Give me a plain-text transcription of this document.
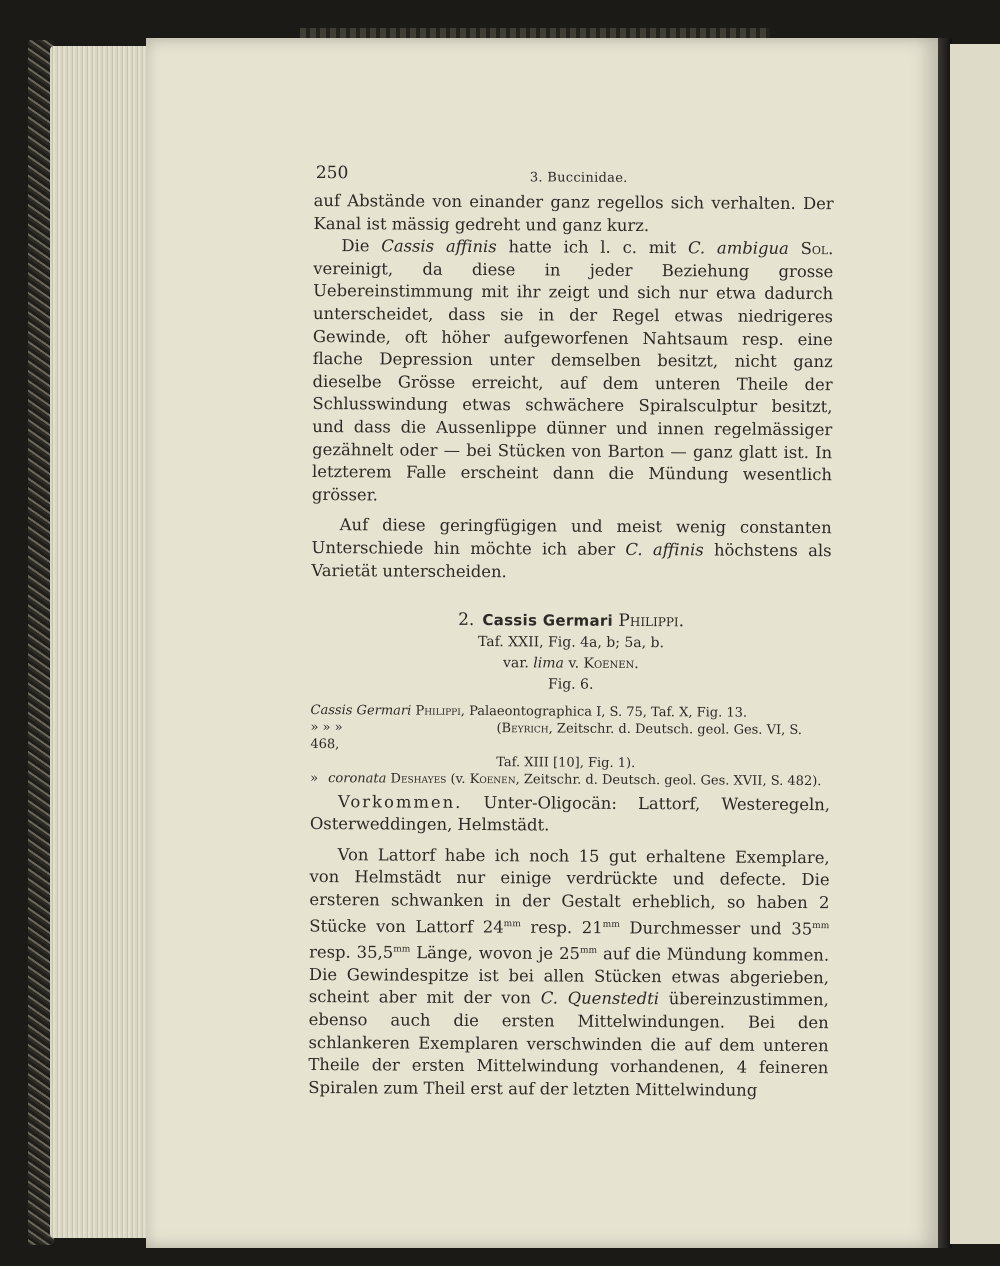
250	3. Buccinidae.

auf Abstände von einander ganz regellos sich verhalten. Der Kanal ist mässig gedreht und ganz kurz.

Die Cassis affinis hatte ich l. c. mit C. ambigua Sol. vereinigt, da diese in jeder Beziehung grosse Uebereinstimmung mit ihr zeigt und sich nur etwa dadurch unterscheidet, dass sie in der Regel etwas niedrigeres Gewinde, oft höher aufgeworfenen Nahtsaum resp. eine flache Depression unter demselben besitzt, nicht ganz dieselbe Grösse erreicht, auf dem unteren Theile der Schlusswindung etwas schwächere Spiralsculptur besitzt, und dass die Aussenlippe dünner und innen regelmässiger gezähnelt oder — bei Stücken von Barton — ganz glatt ist. In letzterem Falle erscheint dann die Mündung wesentlich grösser.

Auf diese geringfügigen und meist wenig constanten Unterschiede hin möchte ich aber C. affinis höchstens als Varietät unterscheiden.

2. Cassis Germari Philippi.
Taf. XXII, Fig. 4a, b; 5a, b.
var. lima v. Koenen.
Fig. 6.
Cassis Germari Philippi, Palaeontographica I, S. 75, Taf. X, Fig. 13.
» » »	(Beyrich, Zeitschr. d. Deutsch. geol. Ges. VI, S. 468,
Taf. XIII [10], Fig. 1).
» coronata Deshayes (v. Koenen, Zeitschr. d. Deutsch. geol. Ges. XVII, S. 482).

Vorkommen. Unter-Oligocän: Lattorf, Westeregeln, Osterweddingen, Helmstädt.

Von Lattorf habe ich noch 15 gut erhaltene Exemplare, von Helmstädt nur einige verdrückte und defecte. Die ersteren schwanken in der Gestalt erheblich, so haben 2 Stücke von Lattorf $24^{mm}$ resp. $21^{mm}$ Durchmesser und $35^{mm}$ resp. $35,5^{mm}$ Länge, wovon je $25^{mm}$ auf die Mündung kommen. Die Gewindespitze ist bei allen Stücken etwas abgerieben, scheint aber mit der von C. Quenstedti übereinzustimmen, ebenso auch die ersten Mittelwindungen. Bei den schlankeren Exemplaren verschwinden die auf dem unteren Theile der ersten Mittelwindung vorhandenen, 4 feineren Spiralen zum Theil erst auf der letzten Mittelwindung
